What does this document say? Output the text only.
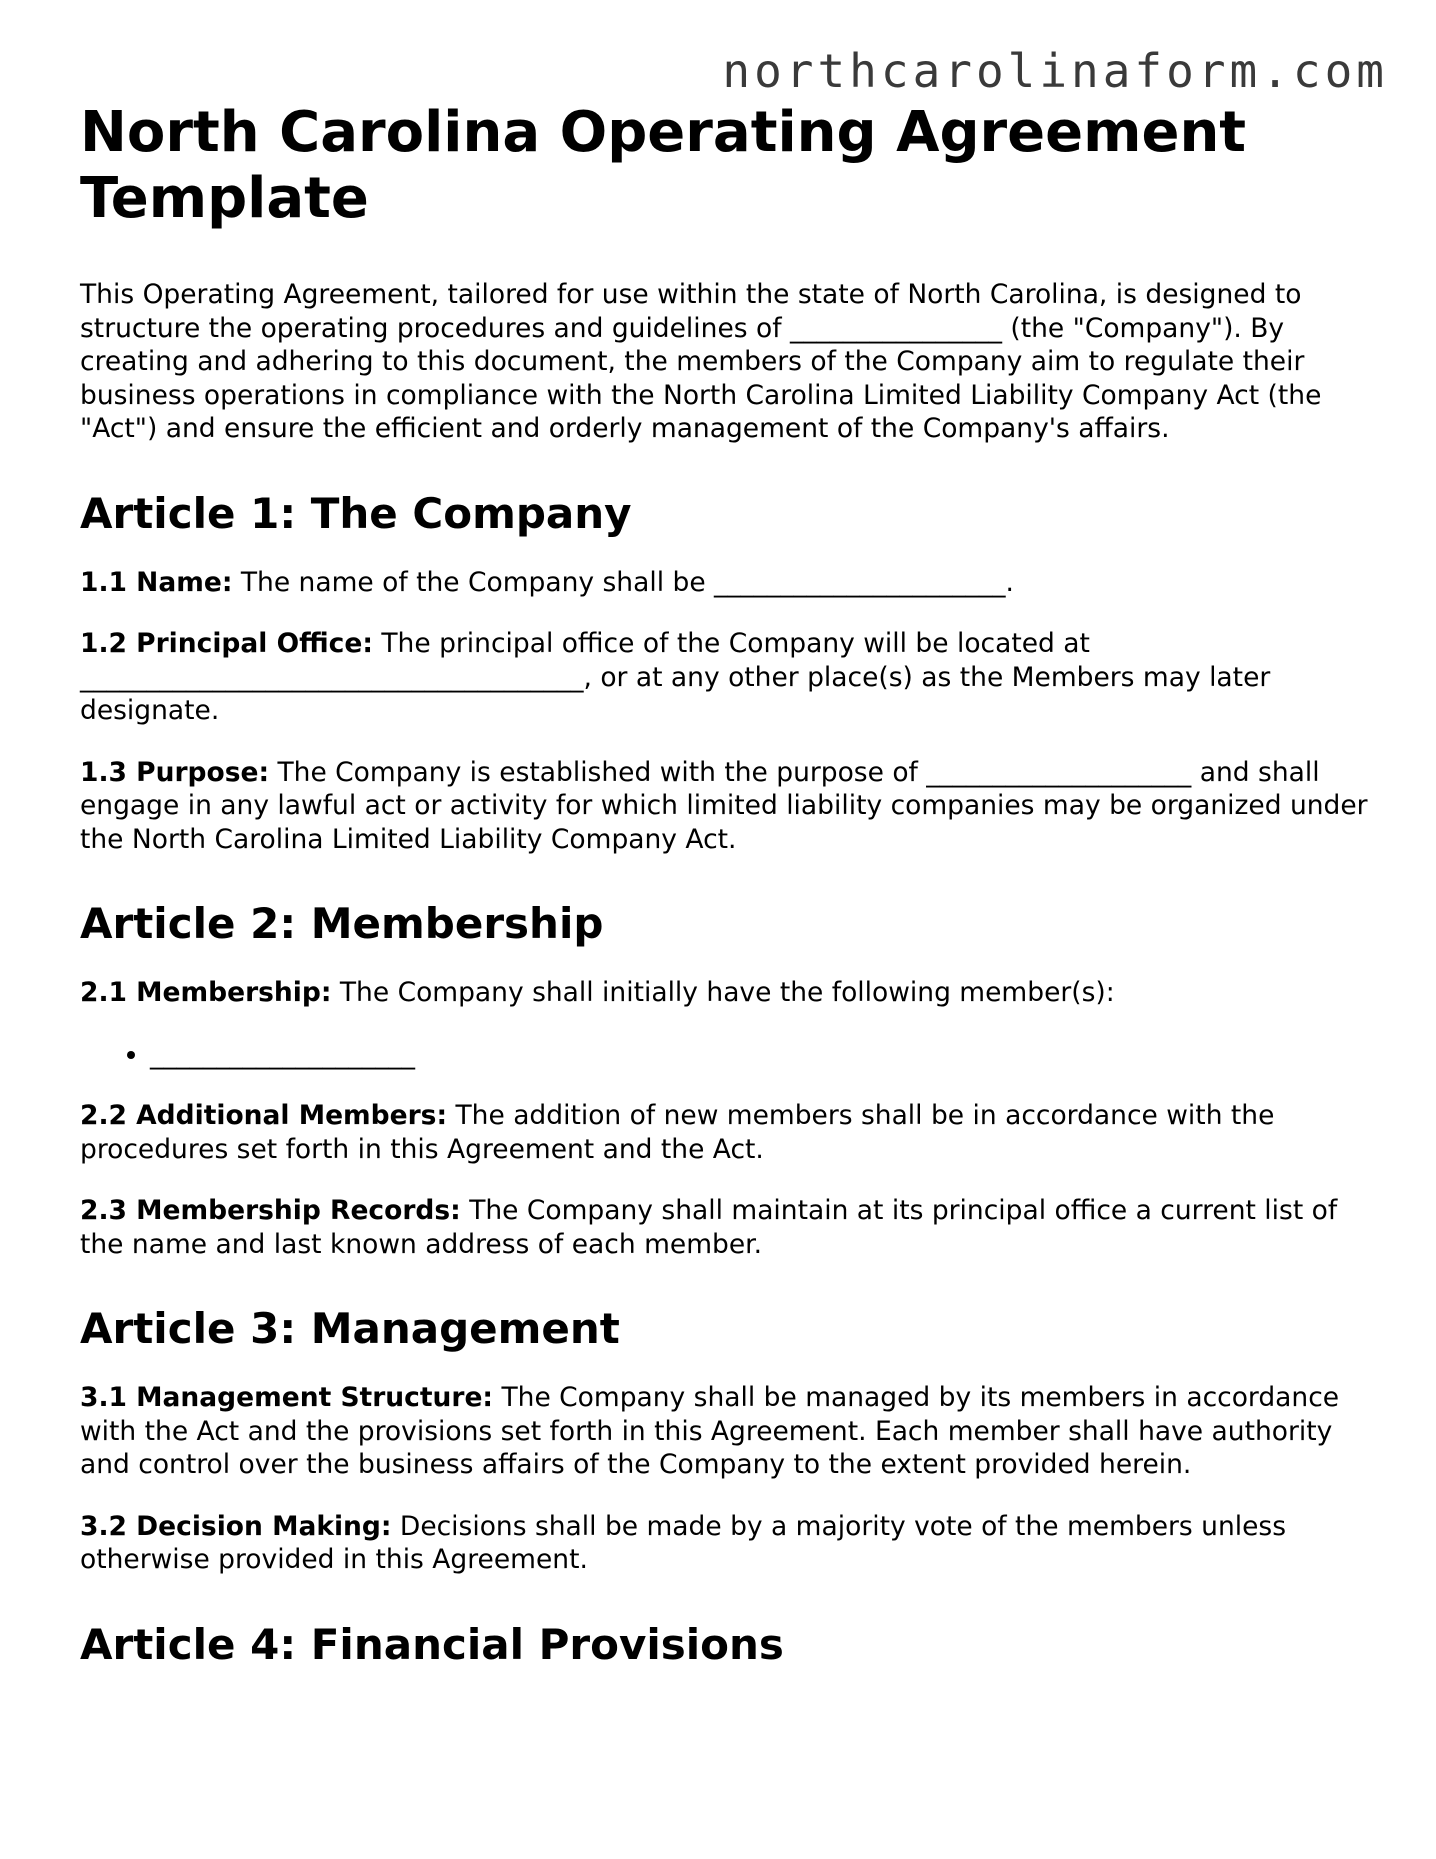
northcarolinaform.com
North Carolina Operating Agreement Template

This Operating Agreement, tailored for use within the state of North Carolina, is designed to structure the operating procedures and guidelines of ________________ (the "Company"). By creating and adhering to this document, the members of the Company aim to regulate their business operations in compliance with the North Carolina Limited Liability Company Act (the "Act") and ensure the efficient and orderly management of the Company's affairs.

Article 1: The Company

1.1 Name: The name of the Company shall be ______________________.

1.2 Principal Office: The principal office of the Company will be located at ______________________________________, or at any other place(s) as the Members may later designate.

1.3 Purpose: The Company is established with the purpose of ____________________ and shall engage in any lawful act or activity for which limited liability companies may be organized under the North Carolina Limited Liability Company Act.

Article 2: Membership

2.1 Membership: The Company shall initially have the following member(s):

• ____________________

2.2 Additional Members: The addition of new members shall be in accordance with the procedures set forth in this Agreement and the Act.

2.3 Membership Records: The Company shall maintain at its principal office a current list of the name and last known address of each member.

Article 3: Management

3.1 Management Structure: The Company shall be managed by its members in accordance with the Act and the provisions set forth in this Agreement. Each member shall have authority and control over the business affairs of the Company to the extent provided herein.

3.2 Decision Making: Decisions shall be made by a majority vote of the members unless otherwise provided in this Agreement.

Article 4: Financial Provisions
